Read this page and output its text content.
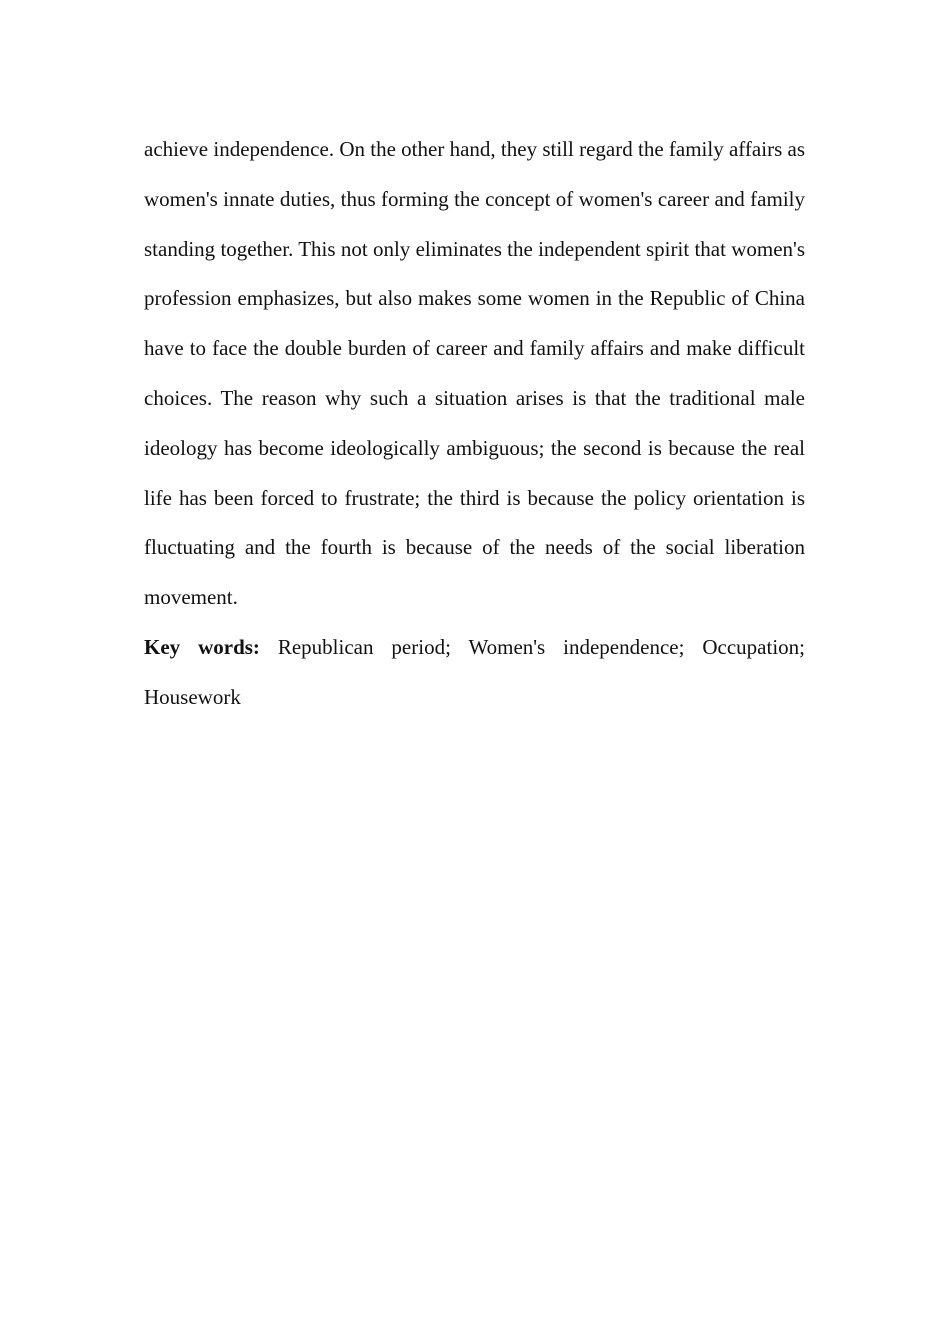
achieve independence. On the other hand, they still regard the family affairs as women's innate duties, thus forming the concept of women's career and family standing together. This not only eliminates the independent spirit that women's profession emphasizes, but also makes some women in the Republic of China have to face the double burden of career and family affairs and make difficult choices. The reason why such a situation arises is that the traditional male ideology has become ideologically ambiguous; the second is because the real life has been forced to frustrate; the third is because the policy orientation is fluctuating and the fourth is because of the needs of the social liberation movement.

Key words: Republican period; Women's independence; Occupation; Housework
